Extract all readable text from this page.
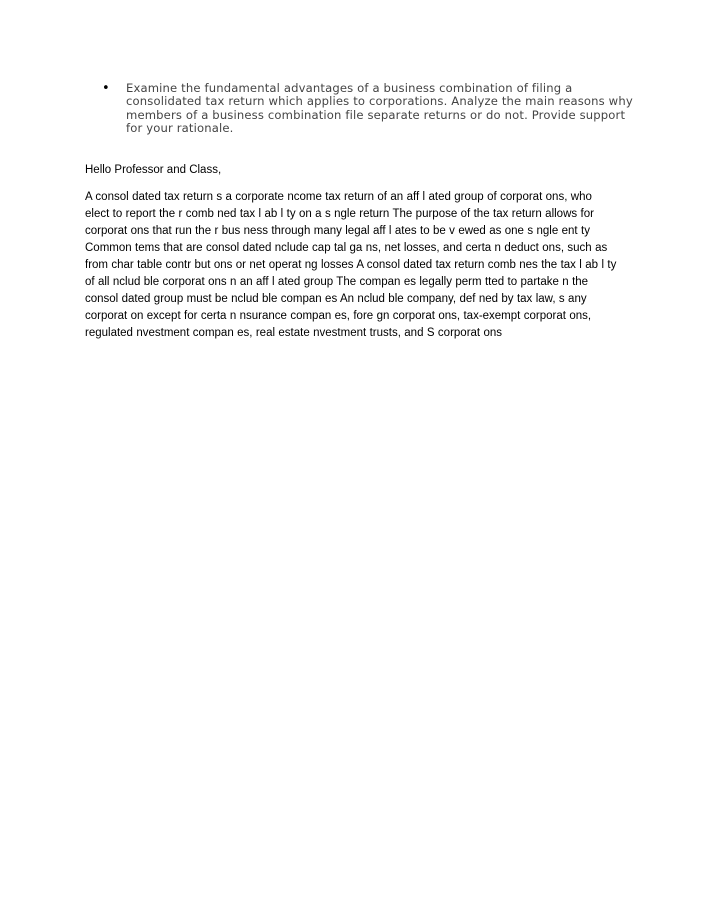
• Examine the fundamental advantages of a business combination of filing a consolidated tax return which applies to corporations. Analyze the main reasons why members of a business combination file separate returns or do not. Provide support for your rationale.
Hello Professor and Class,
A consol dated tax return s a corporate ncome tax return of an aff l ated group of corporat ons, who
elect to report the r comb ned tax l ab l ty on a s ngle return The purpose of the tax return allows for
corporat ons that run the r bus ness through many legal aff l ates to be v ewed as one s ngle ent ty
Common tems that are consol dated nclude cap tal ga ns, net losses, and certa n deduct ons, such as
from char table contr but ons or net operat ng losses A consol dated tax return comb nes the tax l ab l ty
of all nclud ble corporat ons n an aff l ated group The compan es legally perm tted to partake n the
consol dated group must be nclud ble compan es An nclud ble company, def ned by tax law, s any
corporat on except for certa n nsurance compan es, fore gn corporat ons, tax-exempt corporat ons,
regulated nvestment compan es, real estate nvestment trusts, and S corporat ons
